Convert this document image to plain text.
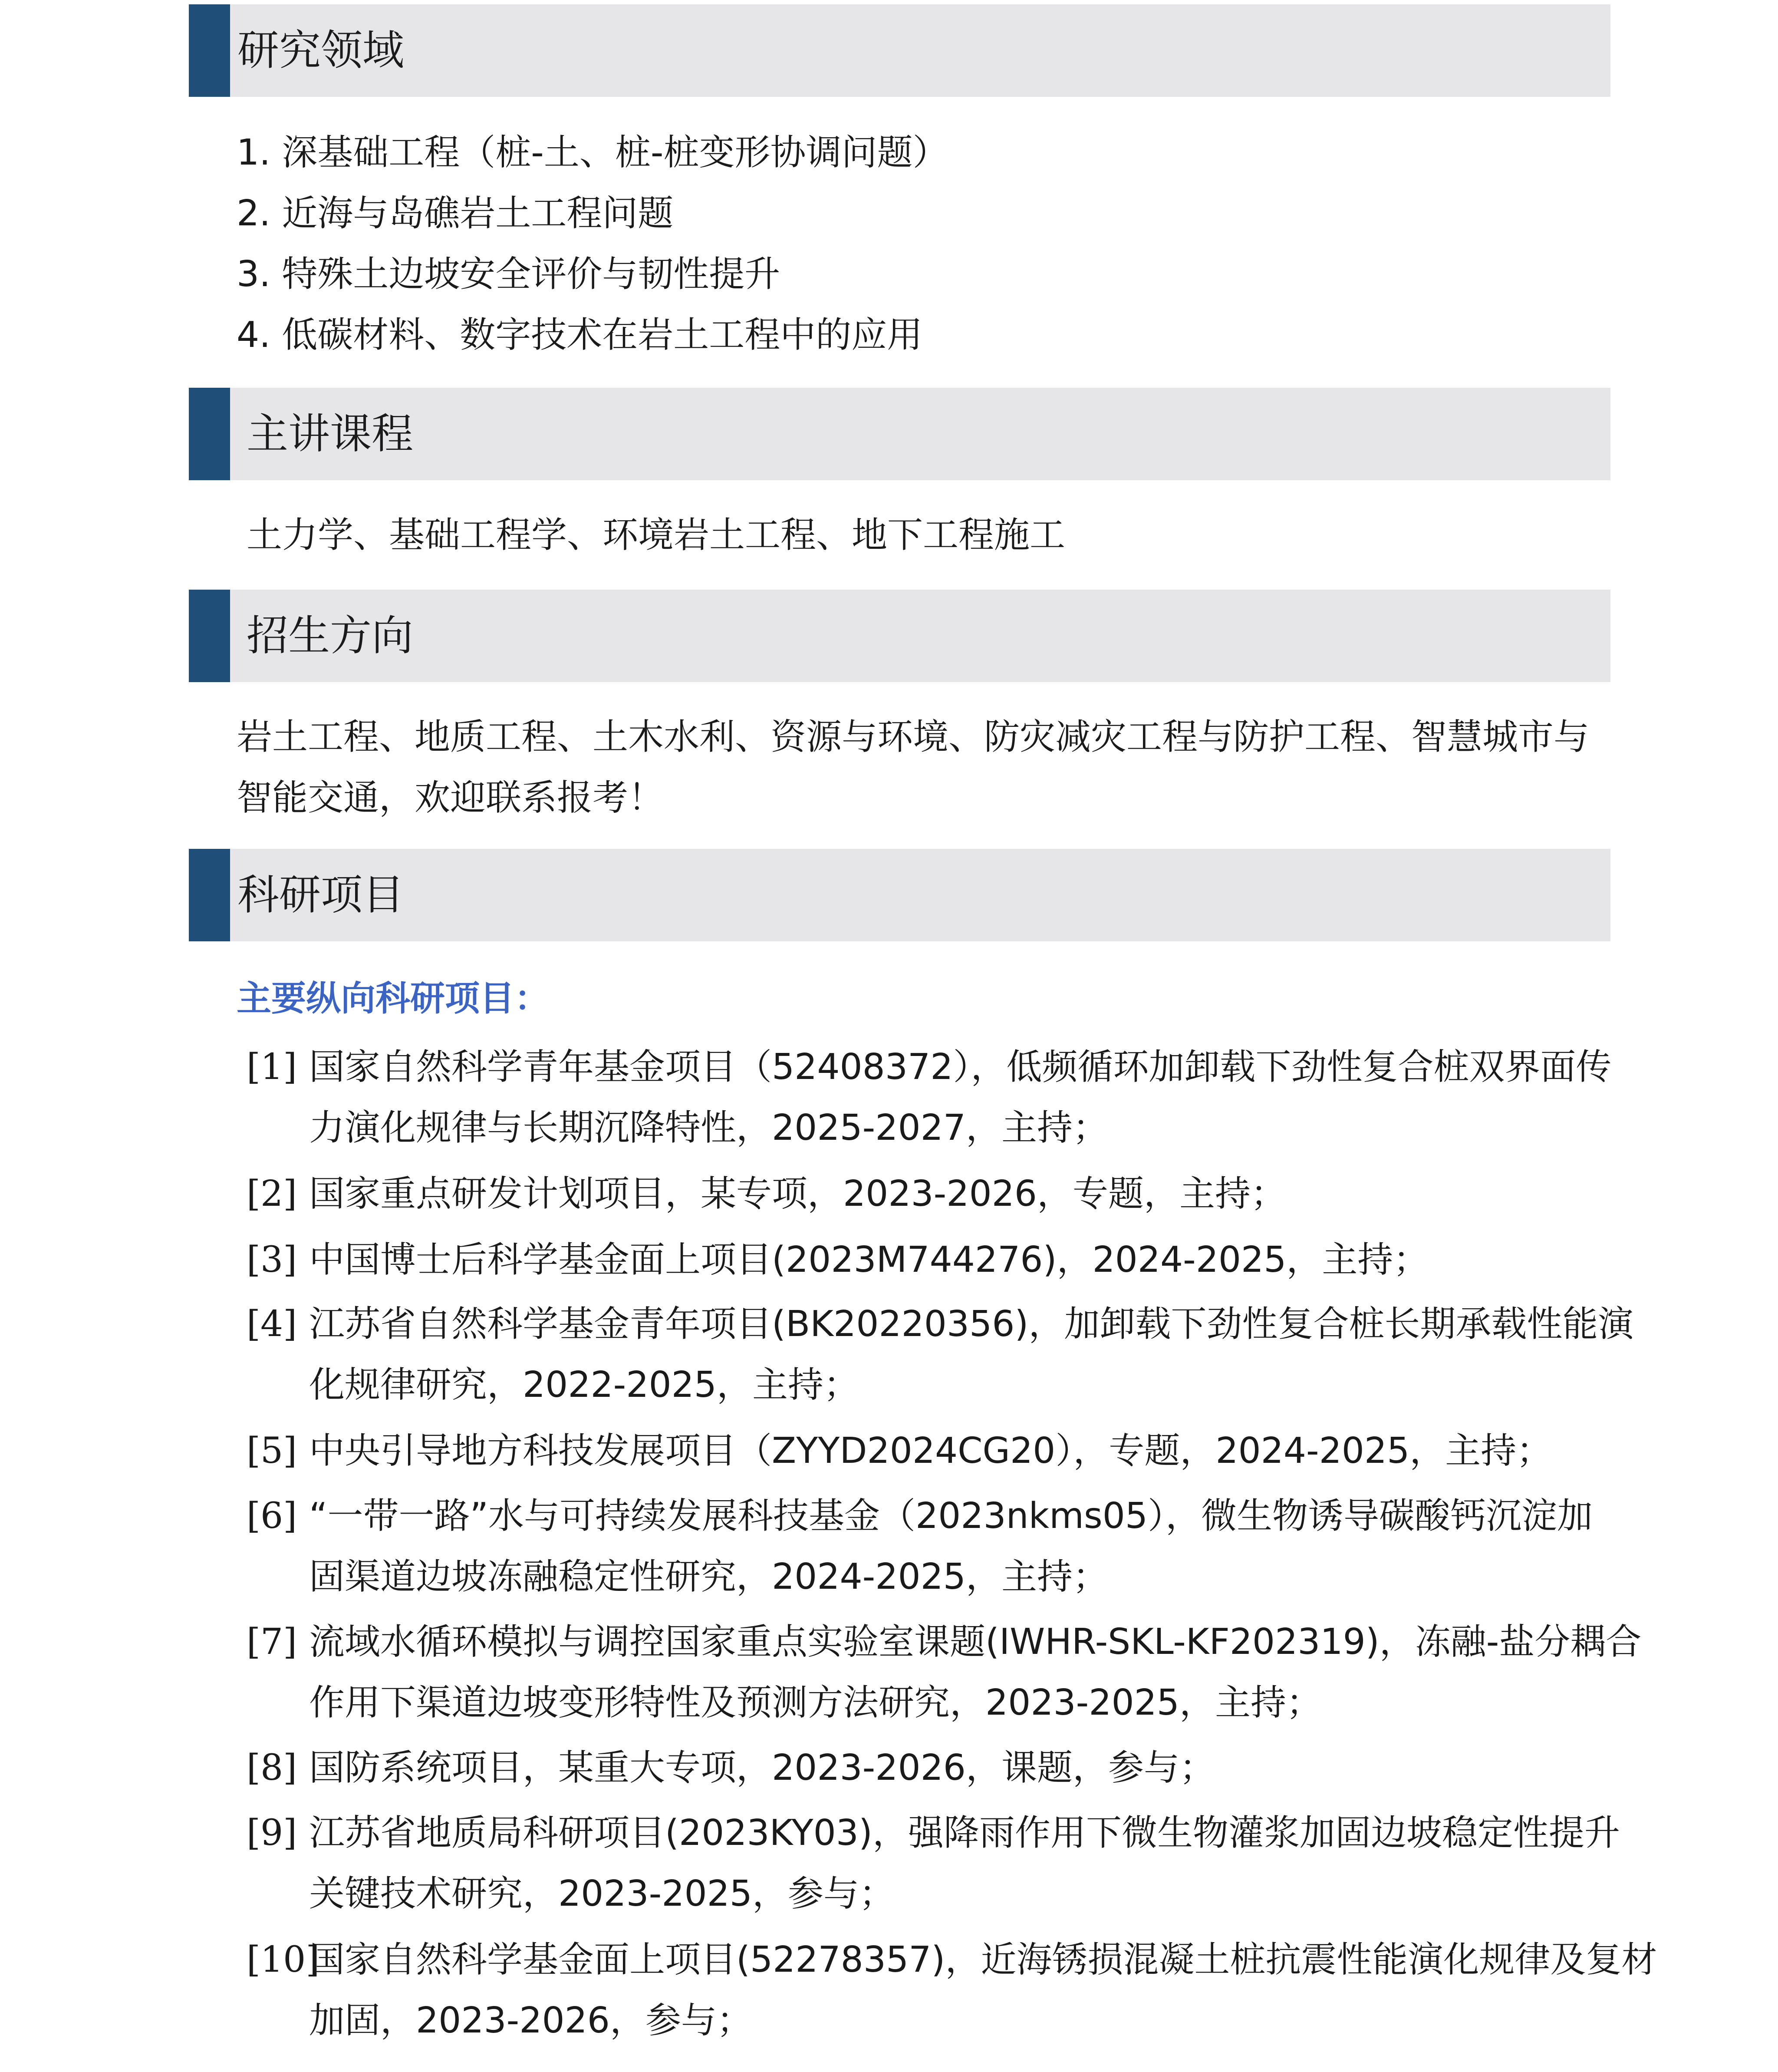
研究领域
1. 深基础工程（桩-土、桩-桩变形协调问题）
2. 近海与岛礁岩土工程问题
3. 特殊土边坡安全评价与韧性提升
4. 低碳材料、数字技术在岩土工程中的应用
主讲课程
土力学、基础工程学、环境岩土工程、地下工程施工
招生方向
岩土工程、地质工程、土木水利、资源与环境、防灾减灾工程与防护工程、智慧城市与
智能交通，欢迎联系报考！
科研项目
主要纵向科研项目：
[1] 国家自然科学青年基金项目（52408372），低频循环加卸载下劲性复合桩双界面传
力演化规律与长期沉降特性，2025-2027，主持；
[2] 国家重点研发计划项目，某专项，2023-2026，专题，主持；
[3] 中国博士后科学基金面上项目(2023M744276)，2024-2025，主持；
[4] 江苏省自然科学基金青年项目(BK20220356)，加卸载下劲性复合桩长期承载性能演
化规律研究，2022-2025，主持；
[5] 中央引导地方科技发展项目（ZYYD2024CG20），专题，2024-2025，主持；
[6] “一带一路”水与可持续发展科技基金（2023nkms05），微生物诱导碳酸钙沉淀加
固渠道边坡冻融稳定性研究，2024-2025，主持；
[7] 流域水循环模拟与调控国家重点实验室课题(IWHR-SKL-KF202319)，冻融-盐分耦合
作用下渠道边坡变形特性及预测方法研究，2023-2025，主持；
[8] 国防系统项目，某重大专项，2023-2026，课题，参与；
[9] 江苏省地质局科研项目(2023KY03)，强降雨作用下微生物灌浆加固边坡稳定性提升
关键技术研究，2023-2025，参与；
[10]
国家自然科学基金面上项目(52278357)，近海锈损混凝土桩抗震性能演化规律及复材
加固，2023-2026，参与；
